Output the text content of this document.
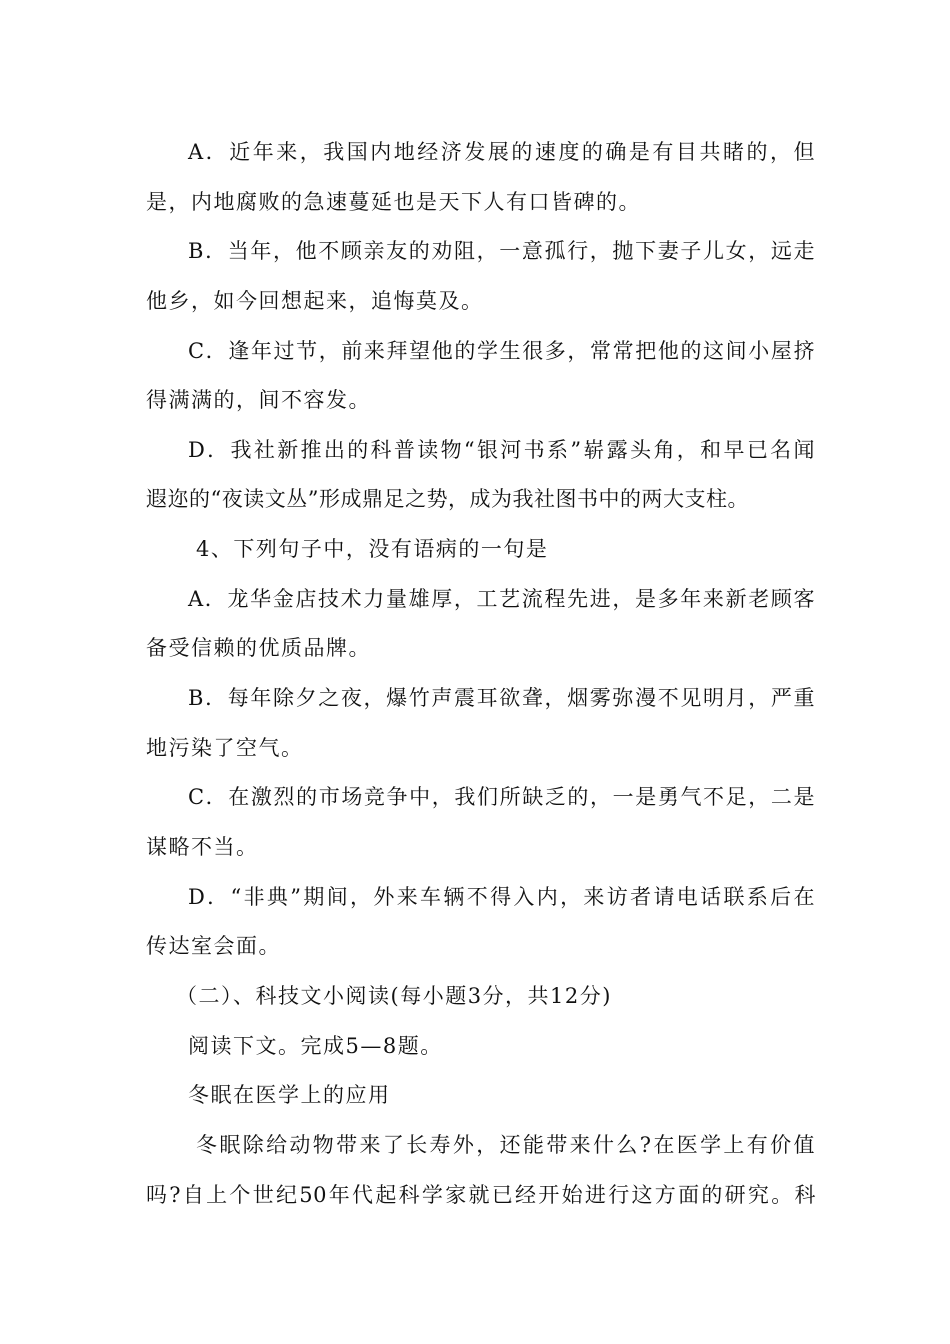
A．近年来，我国内地经济发展的速度的确是有目共睹的，但
是，内地腐败的急速蔓延也是天下人有口皆碑的。
B．当年，他不顾亲友的劝阻，一意孤行，抛下妻子儿女，远走
他乡，如今回想起来，追悔莫及。
C．逢年过节，前来拜望他的学生很多，常常把他的这间小屋挤
得满满的，间不容发。
D．我社新推出的科普读物“银河书系”崭露头角，和早已名闻
遐迩的“夜读文丛”形成鼎足之势，成为我社图书中的两大支柱。
4、下列句子中，没有语病的一句是
A．龙华金店技术力量雄厚，工艺流程先进，是多年来新老顾客
备受信赖的优质品牌。
B．每年除夕之夜，爆竹声震耳欲聋，烟雾弥漫不见明月，严重
地污染了空气。
C．在激烈的市场竞争中，我们所缺乏的，一是勇气不足，二是
谋略不当。
D．“非典”期间，外来车辆不得入内，来访者请电话联系后在
传达室会面。
（二）、科技文小阅读(每小题3分，共12分)
阅读下文。完成5—8题。
冬眠在医学上的应用
冬眠除给动物带来了长寿外，还能带来什么?在医学上有价值
吗?自上个世纪50年代起科学家就已经开始进行这方面的研究。科
